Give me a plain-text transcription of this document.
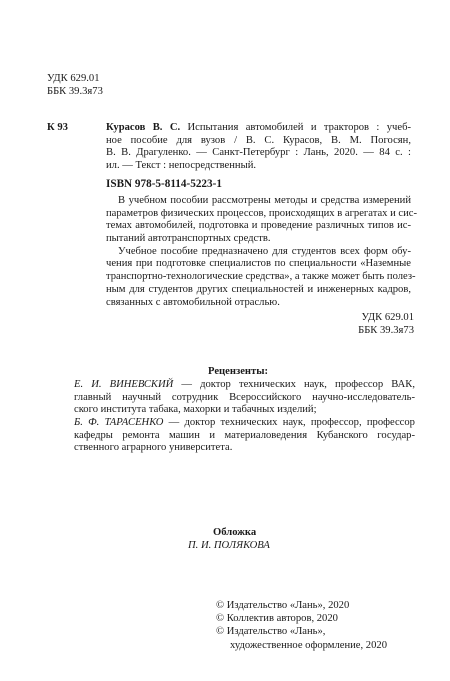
УДК 629.01
ББК 39.3я73
К 93	Курасов В. С. Испытания автомобилей и тракторов : учеб-
ное пособие для вузов / В. С. Курасов, В. М. Погосян,
В. В. Драгуленко. — Санкт-Петербург : Лань, 2020. — 84 с. :
ил. — Текст : непосредственный.
ISBN 978-5-8114-5223-1
В учебном пособии рассмотрены методы и средства измерений
параметров физических процессов, происходящих в агрегатах и сис-
темах автомобилей, подготовка и проведение различных типов ис-
пытаний автотранспортных средств.
Учебное пособие предназначено для студентов всех форм обу-
чения при подготовке специалистов по специальности «Наземные
транспортно-технологические средства», а также может быть полез-
ным для студентов других специальностей и инженерных кадров,
связанных с автомобильной отраслью.
УДК 629.01
ББК 39.3я73
Рецензенты:
Е. И. ВИНЕВСКИЙ — доктор технических наук, профессор ВАК,
главный научный сотрудник Всероссийского научно-исследователь-
ского института табака, махорки и табачных изделий;
Б. Ф. ТАРАСЕНКО — доктор технических наук, профессор, профессор
кафедры ремонта машин и материаловедения Кубанского государ-
ственного аграрного университета.
Обложка
П. И. ПОЛЯКОВА
© Издательство «Лань», 2020
© Коллектив авторов, 2020
© Издательство «Лань»,
художественное оформление, 2020
